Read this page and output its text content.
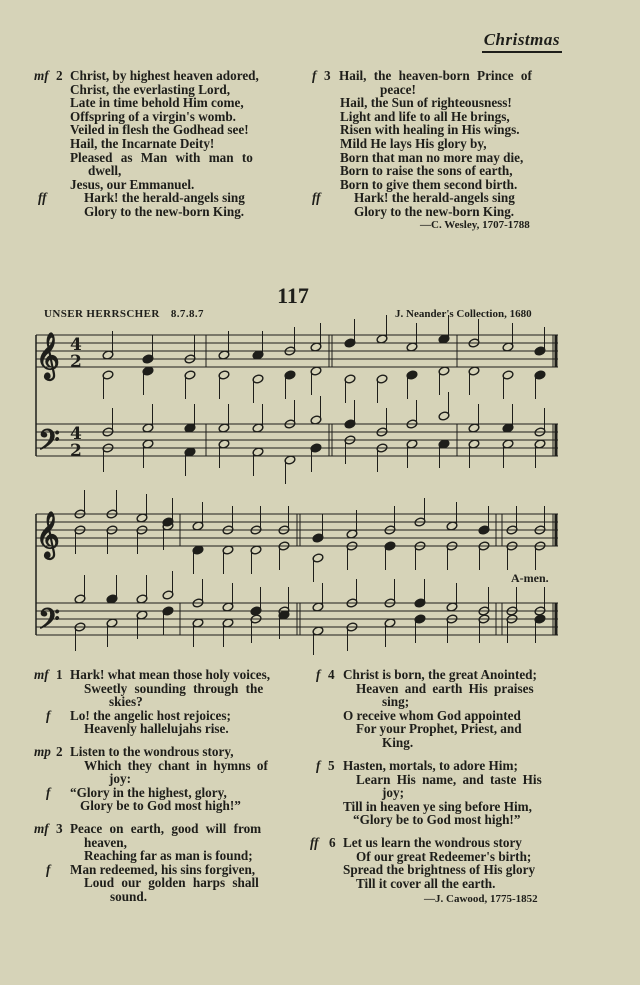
Christmas
mf 2 Christ, by highest heaven adored,
Christ, the everlasting Lord,
Late in time behold Him come,
Offspring of a virgin's womb.
Veiled in flesh the Godhead see!
Hail, the Incarnate Deity!
Pleased as Man with man to
dwell,
Jesus, our Emmanuel.
ff	Hark! the herald-angels sing
Glory to the new-born King.
f 3 Hail, the heaven-born Prince of
peace!
Hail, the Sun of righteousness!
Light and life to all He brings,
Risen with healing in His wings.
Mild He lays His glory by,
Born that man no more may die,
Born to raise the sons of earth,
Born to give them second birth.
ff	Hark! the herald-angels sing
Glory to the new-born King.
—C. Wesley, 1707-1788
117
UNSER HERRSCHER 8.7.8.7	J. Neander's Collection, 1680
𝄞
𝄢
𝄞
𝄢
4
2
4
2
A-men.
mf 1 Hark! what mean those holy voices,
Sweetly sounding through the
skies?
f Lo! the angelic host rejoices;
Heavenly hallelujahs rise.
mp 2 Listen to the wondrous story,
Which they chant in hymns of
joy:
f “Glory in the highest, glory,
Glory be to God most high!”
mf 3 Peace on earth, good will from
heaven,
Reaching far as man is found;
f Man redeemed, his sins forgiven,
Loud our golden harps shall
sound.
f 4 Christ is born, the great Anointed;
Heaven and earth His praises
sing;
O receive whom God appointed
For your Prophet, Priest, and
King.
f 5 Hasten, mortals, to adore Him;
Learn His name, and taste His
joy;
Till in heaven ye sing before Him,
“Glory be to God most high!”
ff 6 Let us learn the wondrous story
Of our great Redeemer's birth;
Spread the brightness of His glory
Till it cover all the earth.
—J. Cawood, 1775-1852
